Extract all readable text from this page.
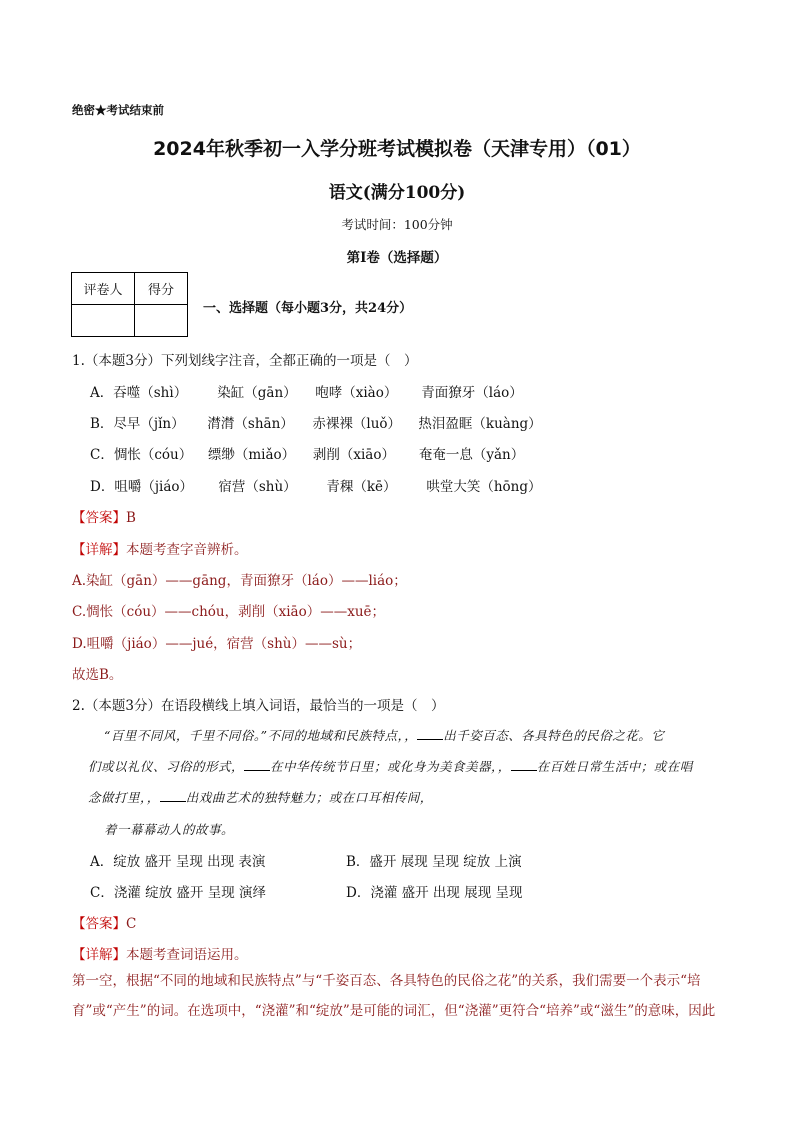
绝密★考试结束前
2024年秋季初一入学分班考试模拟卷（天津专用）（01）
语文(满分100分)
考试时间：100分钟
第Ⅰ卷（选择题）
评卷人	得分

一、选择题（每小题3分，共24分）
1.（本题3分）下列划线字注音，全都正确的一项是（　）
A．吞噬（shì） 染缸（gān） 咆哮（xiào） 青面獠牙（láo）
B．尽早（jǐn） 潸潸（shān） 赤裸裸（luǒ） 热泪盈眶（kuàng）
C．惆怅（cóu） 缥缈（miǎo） 剥削（xiāo） 奄奄一息（yǎn）
D．咀嚼（jiáo） 宿营（shù） 青稞（kē） 哄堂大笑（hōng）
【答案】B
【详解】本题考查字音辨析。
A.染缸（gān）——gāng，青面獠牙（láo）——liáo；
C.惆怅（cóu）——chóu，剥削（xiāo）——xuē；
D.咀嚼（jiáo）——jué，宿营（shù）——sù；
故选B。
2.（本题3分）在语段横线上填入词语，最恰当的一项是（　）
“百里不同风，千里不同俗。”不同的地域和民族特点，， 出千姿百态、各具特色的民俗之花。它
们或以礼仪、习俗的形式， 在中华传统节日里；或化身为美食美器，， 在百姓日常生活中；或在唱
念做打里，， 出戏曲艺术的独特魅力；或在口耳相传间，
着一幕幕动人的故事。
A．绽放 盛开 呈现 出现 表演	B．盛开 展现 呈现 绽放 上演
C．浇灌 绽放 盛开 呈现 演绎	D．浇灌 盛开 出现 展现 呈现
【答案】C
【详解】本题考查词语运用。
第一空，根据“不同的地域和民族特点”与“千姿百态、各具特色的民俗之花”的关系，我们需要一个表示“培育”或“产生”的词。在选项中，“浇灌”和“绽放”是可能的词汇，但“浇灌”更符合“培养”或“滋生”的意味，因此
